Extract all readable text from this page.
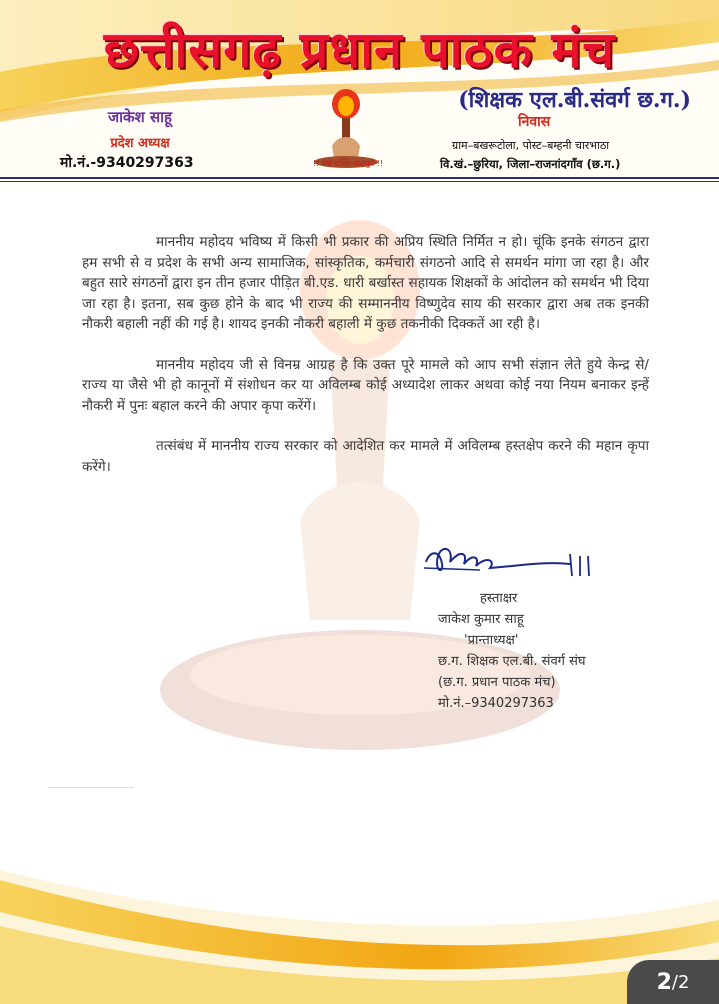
छत्तीसगढ़ प्रधान पाठक मंच
(शिक्षक एल.बी.संवर्ग छ.ग.)
जाकेश साहू
प्रदेश अध्यक्ष
मो.नं.-9340297363	!! संघे शक्ति कलयुगे !!
निवास
ग्राम–बखरूटोला, पोस्ट–बम्हनी चारभाठा
वि.खं.–छुरिया, जिला–राजनांदगाँव (छ.ग.)

माननीय महोदय भविष्य में किसी भी प्रकार की अप्रिय स्थिति निर्मित न हो। चूंकि इनके संगठन द्वारा हम सभी से व प्रदेश के सभी अन्य सामाजिक, सांस्कृतिक, कर्मचारी संगठनो आदि से समर्थन मांगा जा रहा है। और बहुत सारे संगठनों द्वारा इन तीन हजार पीड़ित बी.एड. धारी बर्खास्त सहायक शिक्षकों के आंदोलन को समर्थन भी दिया जा रहा है। इतना, सब कुछ होने के बाद भी राज्य की सम्माननीय विष्णुदेव साय की सरकार द्वारा अब तक इनकी नौकरी बहाली नहीं की गई है। शायद इनकी नौकरी बहाली में कुछ तकनीकी दिक्कतें आ रही है।

माननीय महोदय जी से विनम्र आग्रह है कि उक्त पूरे मामले को आप सभी संज्ञान लेते हुये केन्द्र से/राज्य या जैसे भी हो कानूनों में संशोधन कर या अविलम्ब कोई अध्यादेश लाकर अथवा कोई नया नियम बनाकर इन्हें नौकरी में पुनः बहाल करने की अपार कृपा करेंगें।

तत्संबंध में माननीय राज्य सरकार को आदेशित कर मामले में अविलम्ब हस्तक्षेप करने की महान कृपा करेंगे।

हस्ताक्षर

जाकेश कुमार साहू

'प्रान्ताध्यक्ष'

छ.ग. शिक्षक एल.बी. संवर्ग संघ

(छ.ग. प्रधान पाठक मंच)

मो.नं.–9340297363

2 /2
